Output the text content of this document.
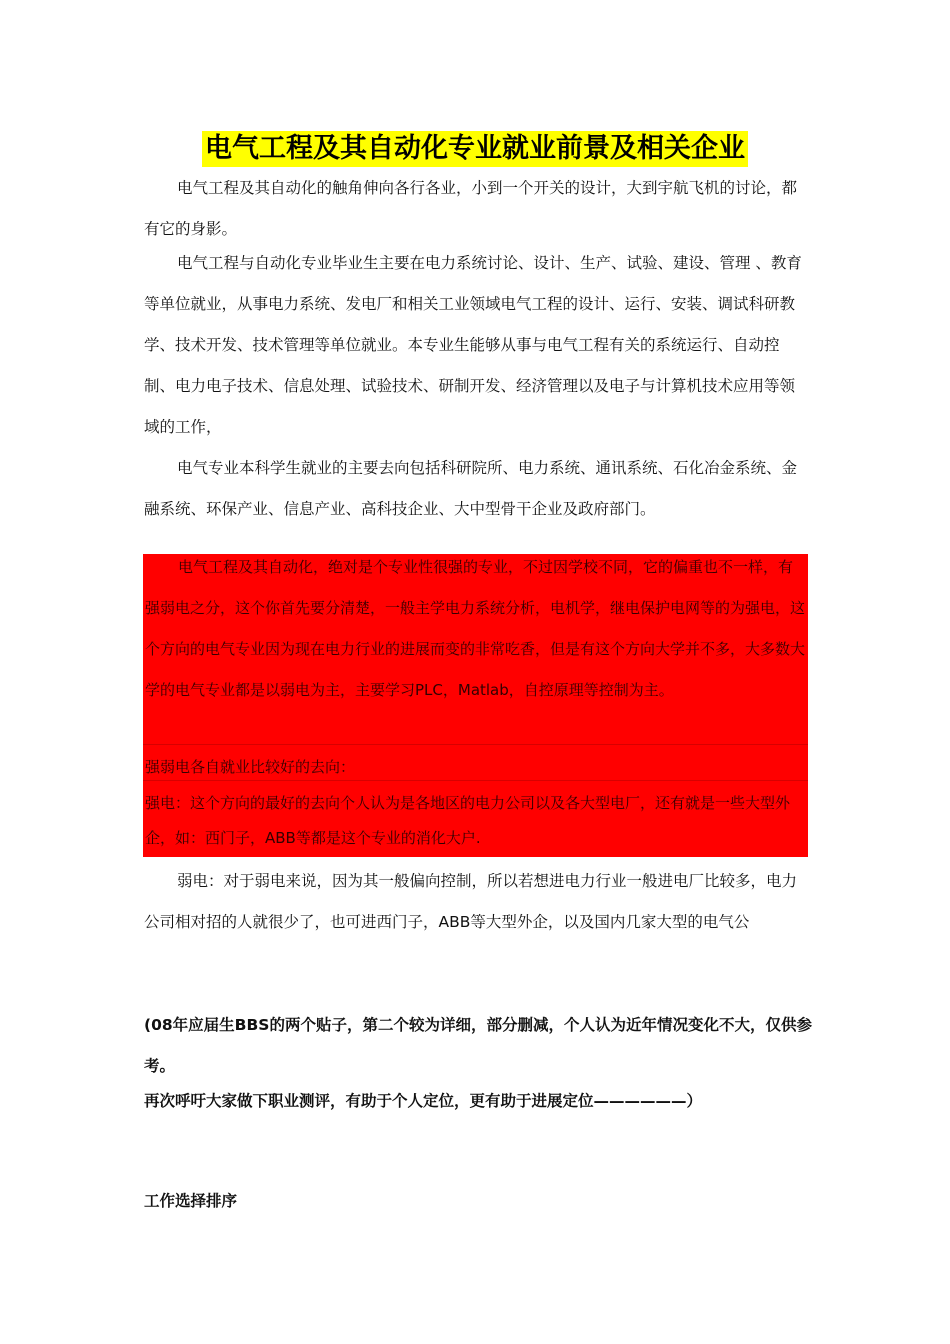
电气工程及其自动化专业就业前景及相关企业

电气工程及其自动化的触角伸向各行各业，小到一个开关的设计，大到宇航飞机的讨论，都有它的身影。

电气工程与自动化专业毕业生主要在电力系统讨论、设计、生产、试验、建设、管理 、教育等单位就业，从事电力系统、发电厂和相关工业领域电气工程的设计、运行、安装、调试科研教学、技术开发、技术管理等单位就业。本专业生能够从事与电气工程有关的系统运行、自动控制、电力电子技术、信息处理、试验技术、研制开发、经济管理以及电子与计算机技术应用等领域的工作，

电气专业本科学生就业的主要去向包括科研院所、电力系统、通讯系统、石化冶金系统、金融系统、环保产业、信息产业、高科技企业、大中型骨干企业及政府部门。

电气工程及其自动化，绝对是个专业性很强的专业，不过因学校不同，它的偏重也不一样，有强弱电之分，这个你首先要分清楚，一般主学电力系统分析，电机学，继电保护电网等的为强电，这个方向的电气专业因为现在电力行业的进展而变的非常吃香，但是有这个方向大学并不多，大多数大学的电气专业都是以弱电为主，主要学习PLC，Matlab，自控原理等控制为主。

强弱电各自就业比较好的去向：

强电：这个方向的最好的去向个人认为是各地区的电力公司以及各大型电厂，还有就是一些大型外企，如：西门子，ABB等都是这个专业的消化大户.

弱电：对于弱电来说，因为其一般偏向控制，所以若想进电力行业一般进电厂比较多，电力公司相对招的人就很少了，也可进西门子，ABB等大型外企，以及国内几家大型的电气公

(08年应届生BBS的两个贴子，第二个较为详细，部分删减，个人认为近年情况变化不大，仅供参考。

再次呼吁大家做下职业测评，有助于个人定位，更有助于进展定位——————）

工作选择排序
